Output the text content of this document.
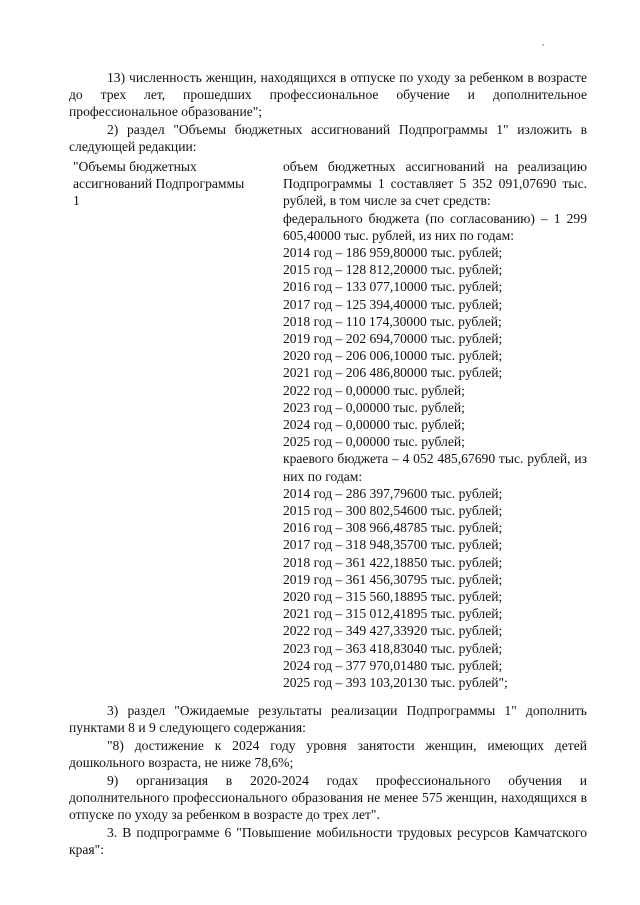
13) численность женщин, находящихся в отпуске по уходу за ребенком в возрасте до трех лет, прошедших профессиональное обучение и дополнительное профессиональное образование";
2) раздел "Объемы бюджетных ассигнований Подпрограммы 1" изложить в следующей редакции:
"Объемы бюджетных ассигнований Подпрограммы 1
объем бюджетных ассигнований на реализацию Подпрограммы 1 составляет 5 352 091,07690 тыс. рублей, в том числе за счет средств:
федерального бюджета (по согласованию) – 1 299 605,40000 тыс. рублей, из них по годам:
2014 год – 186 959,80000 тыс. рублей;
2015 год – 128 812,20000 тыс. рублей;
2016 год – 133 077,10000 тыс. рублей;
2017 год – 125 394,40000 тыс. рублей;
2018 год – 110 174,30000 тыс. рублей;
2019 год – 202 694,70000 тыс. рублей;
2020 год – 206 006,10000 тыс. рублей;
2021 год – 206 486,80000 тыс. рублей;
2022 год – 0,00000 тыс. рублей;
2023 год – 0,00000 тыс. рублей;
2024 год – 0,00000 тыс. рублей;
2025 год – 0,00000 тыс. рублей;
краевого бюджета – 4 052 485,67690 тыс. рублей, из них по годам:
2014 год – 286 397,79600 тыс. рублей;
2015 год – 300 802,54600 тыс. рублей;
2016 год – 308 966,48785 тыс. рублей;
2017 год – 318 948,35700 тыс. рублей;
2018 год – 361 422,18850 тыс. рублей;
2019 год – 361 456,30795 тыс. рублей;
2020 год – 315 560,18895 тыс. рублей;
2021 год – 315 012,41895 тыс. рублей;
2022 год – 349 427,33920 тыс. рублей;
2023 год – 363 418,83040 тыс. рублей;
2024 год – 377 970,01480 тыс. рублей;
2025 год – 393 103,20130 тыс. рублей";
3) раздел "Ожидаемые результаты реализации Подпрограммы 1" дополнить пунктами 8 и 9 следующего содержания:
"8) достижение к 2024 году уровня занятости женщин, имеющих детей дошкольного возраста, не ниже 78,6%;
9) организация в 2020-2024 годах профессионального обучения и дополнительного профессионального образования не менее 575 женщин, находящихся в отпуске по уходу за ребенком в возрасте до трех лет".
3. В подпрограмме 6 "Повышение мобильности трудовых ресурсов Камчатского края":
